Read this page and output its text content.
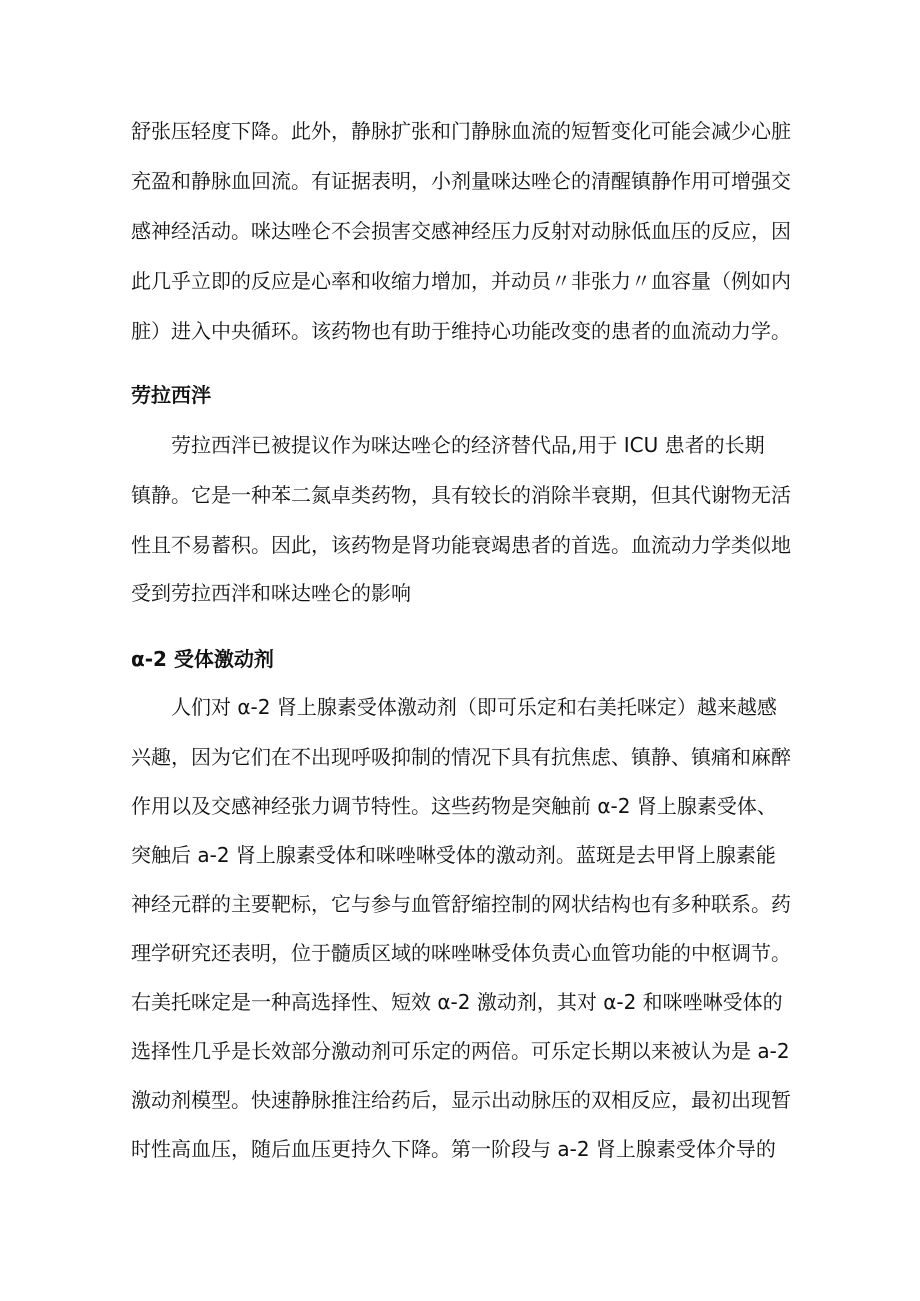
舒张压轻度下降。此外，静脉扩张和门静脉血流的短暂变化可能会减少心脏
充盈和静脉血回流。有证据表明，小剂量咪达唑仑的清醒镇静作用可增强交
感神经活动。咪达唑仑不会损害交感神经压力反射对动脉低血压的反应，因
此几乎立即的反应是心率和收缩力增加，并动员〃非张力〃血容量（例如内
脏）进入中央循环。该药物也有助于维持心功能改变的患者的血流动力学。
劳拉西泮
劳拉西泮已被提议作为咪达唑仑的经济替代品,用于 ICU 患者的长期
镇静。它是一种苯二氮卓类药物，具有较长的消除半衰期，但其代谢物无活
性且不易蓄积。因此，该药物是肾功能衰竭患者的首选。血流动力学类似地
受到劳拉西泮和咪达唑仑的影响
α-2 受体激动剂
人们对 α-2 肾上腺素受体激动剂（即可乐定和右美托咪定）越来越感
兴趣，因为它们在不出现呼吸抑制的情况下具有抗焦虑、镇静、镇痛和麻醉
作用以及交感神经张力调节特性。这些药物是突触前 α-2 肾上腺素受体、
突触后 a-2 肾上腺素受体和咪唑啉受体的激动剂。蓝斑是去甲肾上腺素能
神经元群的主要靶标，它与参与血管舒缩控制的网状结构也有多种联系。药
理学研究还表明，位于髓质区域的咪唑啉受体负责心血管功能的中枢调节。
右美托咪定是一种高选择性、短效 α-2 激动剂，其对 α-2 和咪唑啉受体的
选择性几乎是长效部分激动剂可乐定的两倍。可乐定长期以来被认为是 a-2
激动剂模型。快速静脉推注给药后，显示出动脉压的双相反应，最初出现暂
时性高血压，随后血压更持久下降。第一阶段与 a-2 肾上腺素受体介导的
